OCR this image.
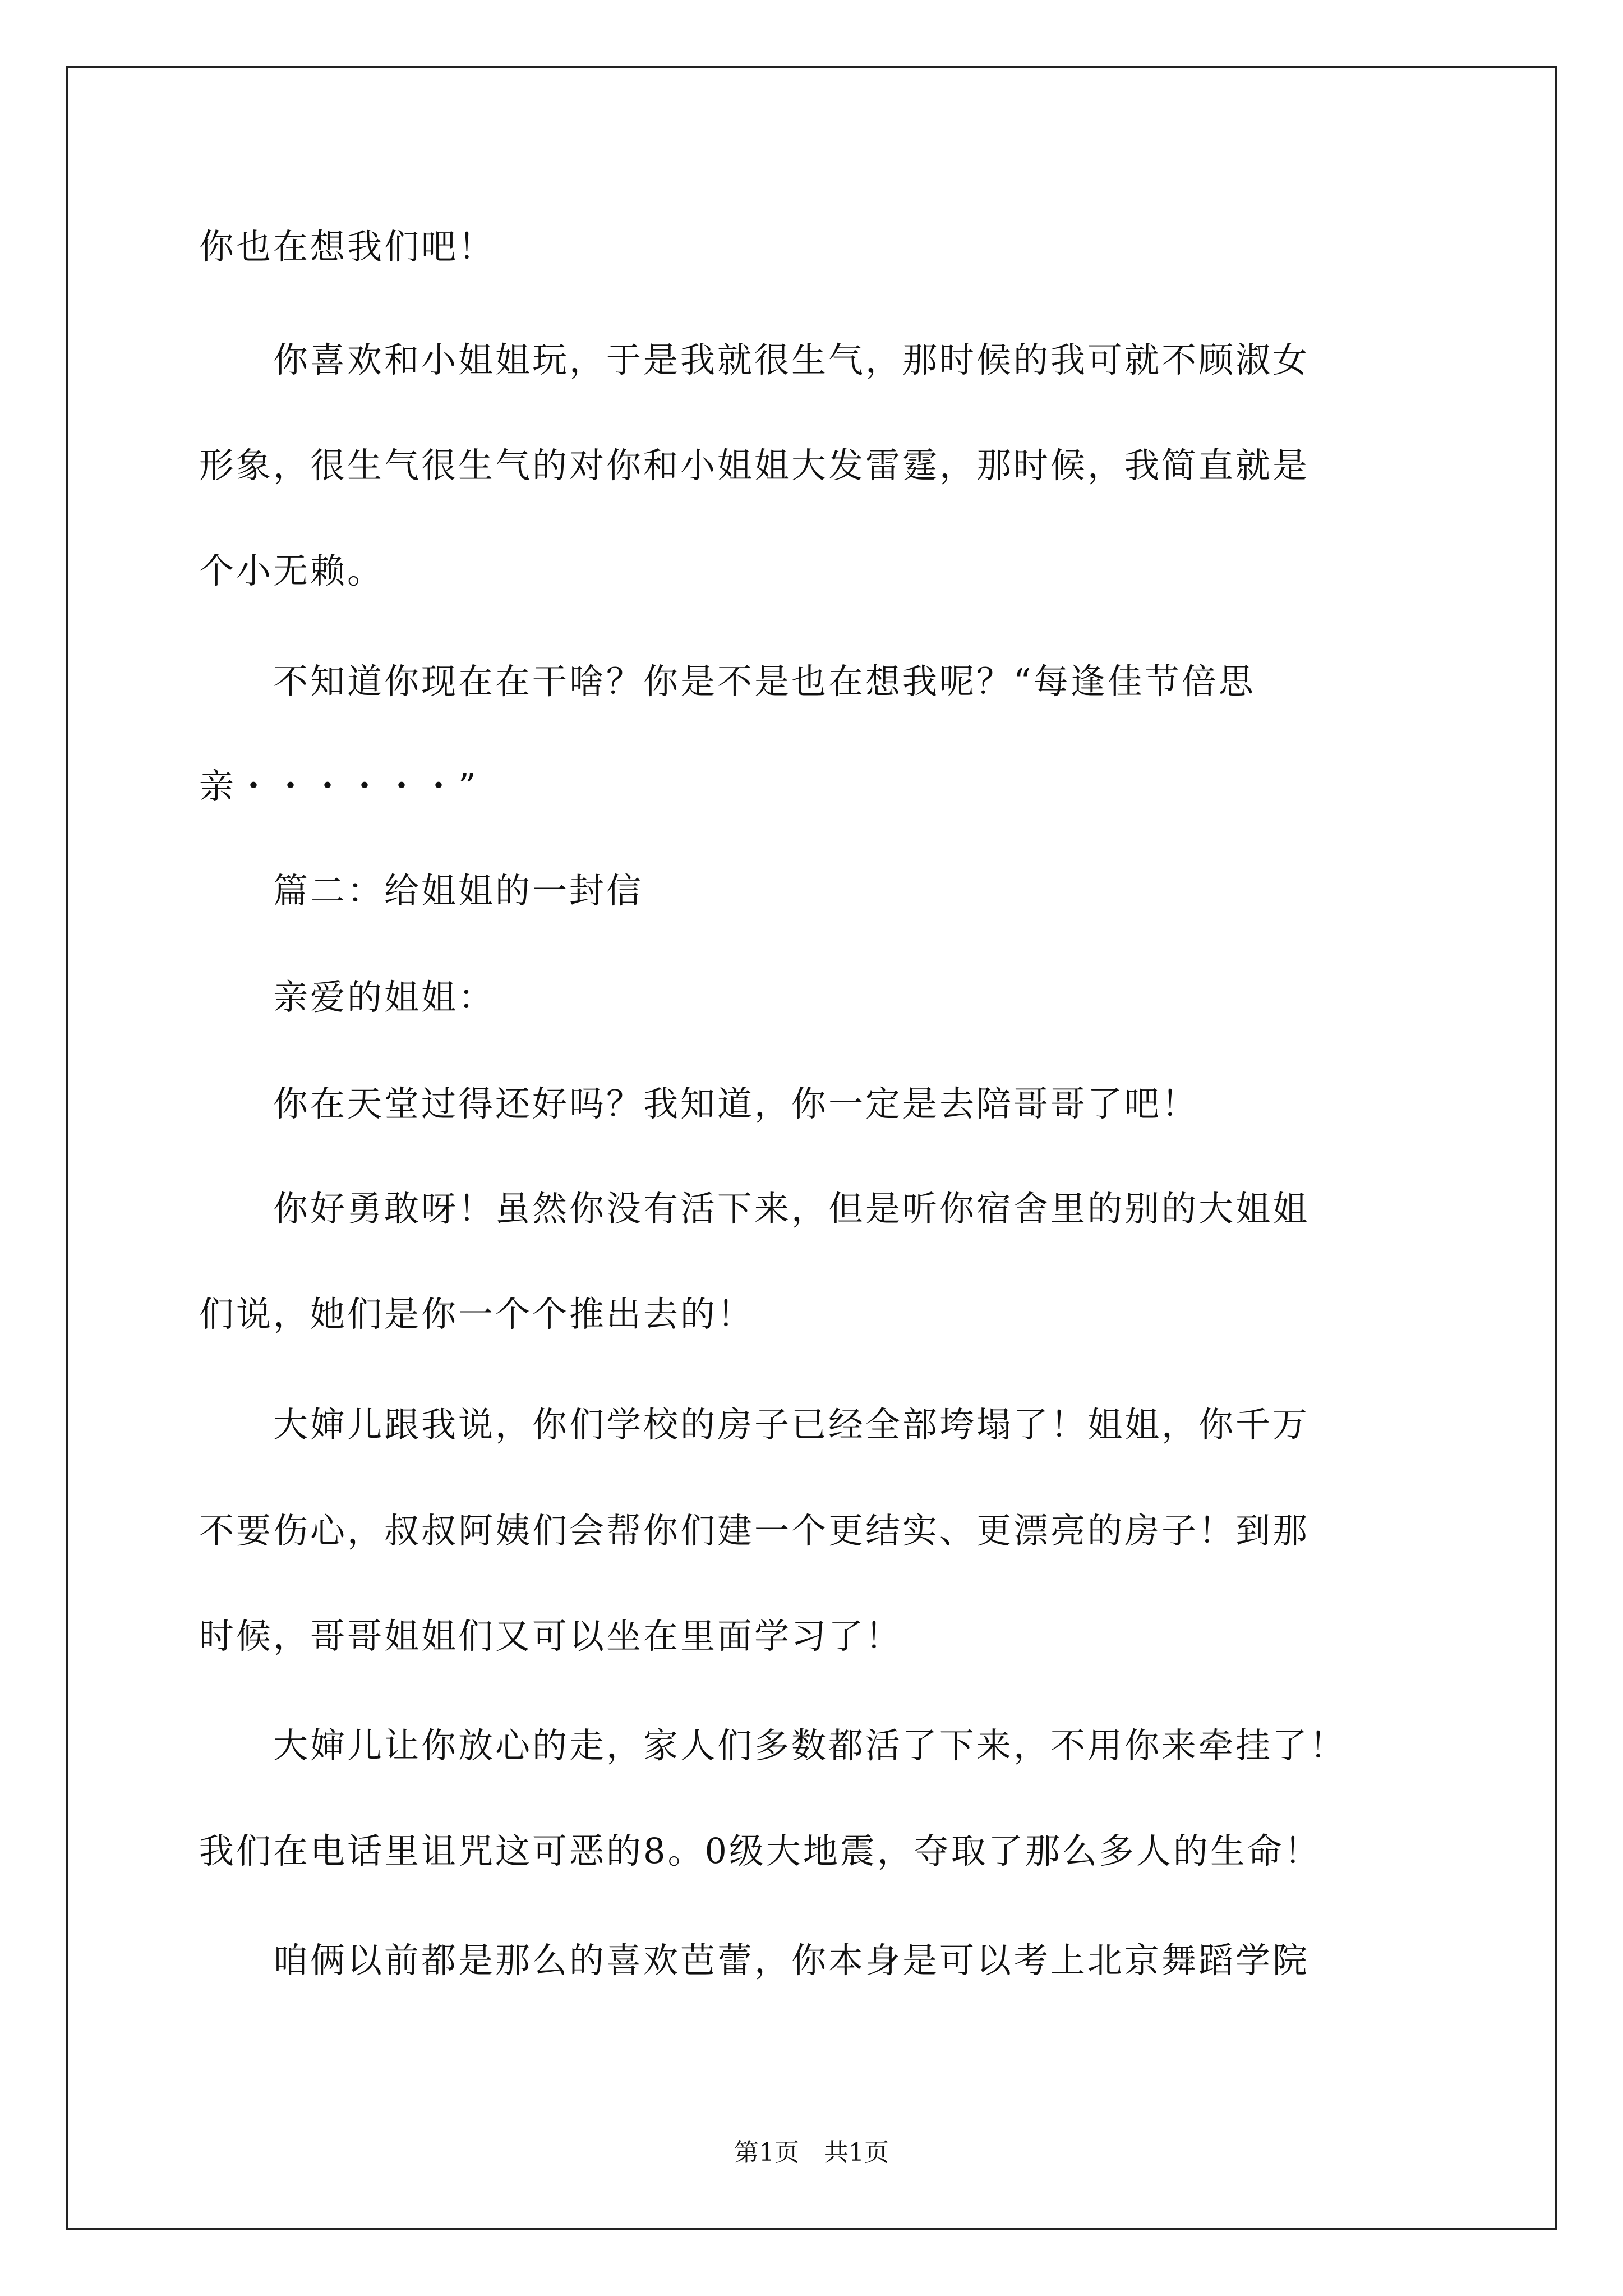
你也在想我们吧！

　　你喜欢和小姐姐玩，于是我就很生气，那时候的我可就不顾淑女

形象，很生气很生气的对你和小姐姐大发雷霆，那时候，我简直就是

个小无赖。

　　不知道你现在在干啥？你是不是也在想我呢？“每逢佳节倍思

亲・・・・・・”

　　篇二：给姐姐的一封信

　　亲爱的姐姐：

　　你在天堂过得还好吗？我知道，你一定是去陪哥哥了吧！

　　你好勇敢呀！虽然你没有活下来，但是听你宿舍里的别的大姐姐

们说，她们是你一个个推出去的！

　　大婶儿跟我说，你们学校的房子已经全部垮塌了！姐姐，你千万

不要伤心，叔叔阿姨们会帮你们建一个更结实、更漂亮的房子！到那

时候，哥哥姐姐们又可以坐在里面学习了！

　　大婶儿让你放心的走，家人们多数都活了下来，不用你来牵挂了！

我们在电话里诅咒这可恶的8。0级大地震，夺取了那么多人的生命！

　　咱俩以前都是那么的喜欢芭蕾，你本身是可以考上北京舞蹈学院

第1页　共1页
